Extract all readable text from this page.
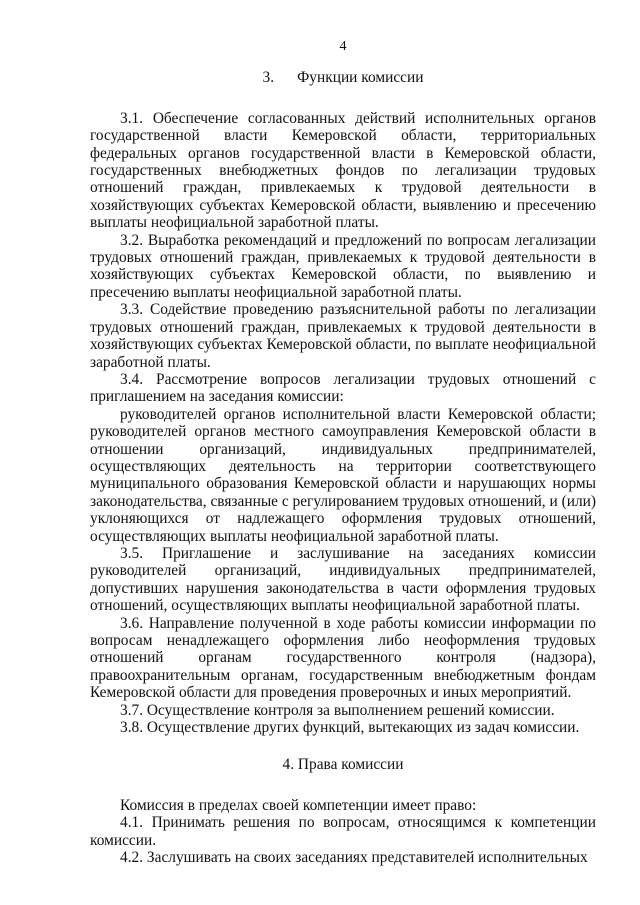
4
3.      Функции комиссии

3.1. Обеспечение согласованных действий исполнительных органов государственной власти Кемеровской области, территориальных федеральных органов государственной власти в Кемеровской области, государственных внебюджетных фондов по легализации трудовых отношений граждан, привлекаемых к трудовой деятельности в хозяйствующих субъектах Кемеровской области, выявлению и пресечению выплаты неофициальной заработной платы.

3.2. Выработка рекомендаций и предложений по вопросам легализации трудовых отношений граждан, привлекаемых к трудовой деятельности в хозяйствующих субъектах Кемеровской области, по выявлению и пресечению выплаты неофициальной заработной платы.

3.3. Содействие проведению разъяснительной работы по легализации трудовых отношений граждан, привлекаемых к трудовой деятельности в хозяйствующих субъектах Кемеровской области, по выплате неофициальной заработной платы.

3.4. Рассмотрение вопросов легализации трудовых отношений с приглашением на заседания комиссии:

руководителей органов исполнительной власти Кемеровской области; руководителей органов местного самоуправления Кемеровской области в отношении организаций, индивидуальных предпринимателей, осуществляющих деятельность на территории соответствующего муниципального образования Кемеровской области и нарушающих нормы законодательства, связанные с регулированием трудовых отношений, и (или) уклоняющихся от надлежащего оформления трудовых отношений, осуществляющих выплаты неофициальной заработной платы.

3.5. Приглашение и заслушивание на заседаниях комиссии руководителей организаций, индивидуальных предпринимателей, допустивших нарушения законодательства в части оформления трудовых отношений, осуществляющих выплаты неофициальной заработной платы.

3.6. Направление полученной в ходе работы комиссии информации по вопросам ненадлежащего оформления либо неоформления трудовых отношений органам государственного контроля (надзора), правоохранительным органам, государственным внебюджетным фондам Кемеровской области для проведения проверочных и иных мероприятий.

3.7. Осуществление контроля за выполнением решений комиссии.

3.8. Осуществление других функций, вытекающих из задач комиссии.

4. Права комиссии

Комиссия в пределах своей компетенции имеет право:

4.1. Принимать решения по вопросам, относящимся к компетенции комиссии.

4.2. Заслушивать на своих заседаниях представителей исполнительных
